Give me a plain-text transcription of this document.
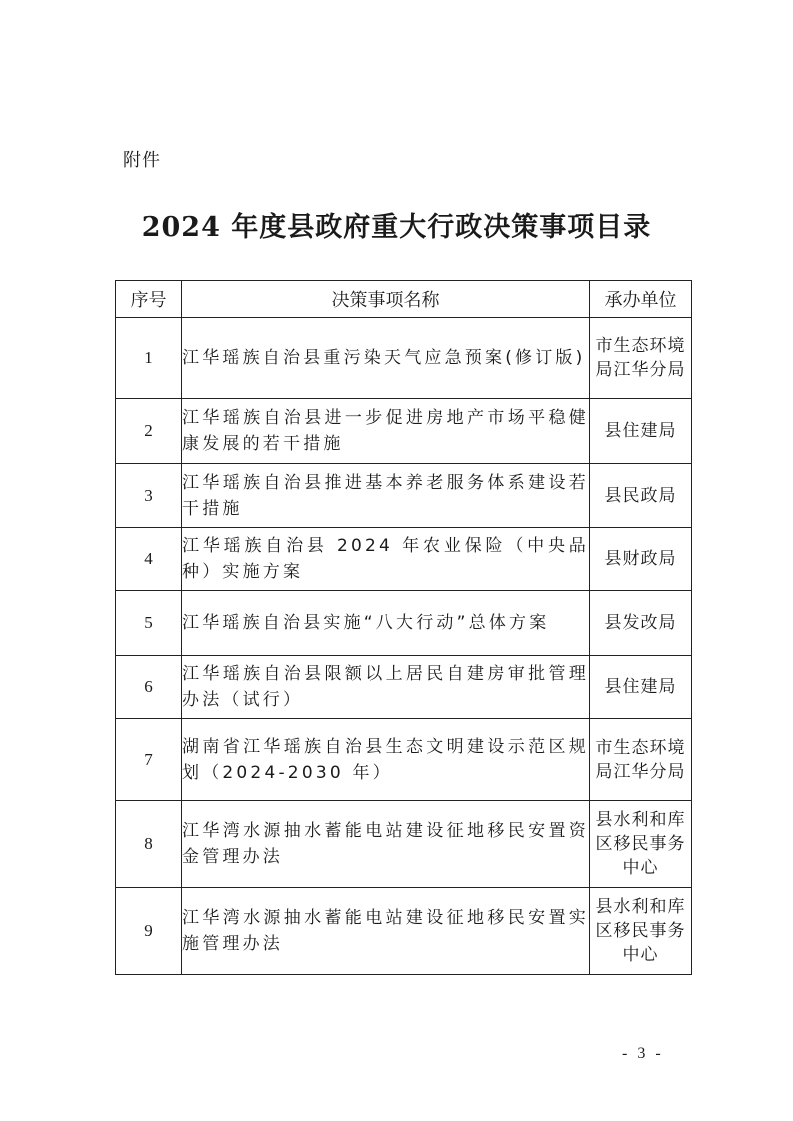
附件
2024 年度县政府重大行政决策事项目录
序号	决策事项名称	承办单位
1	江华瑶族自治县重污染天气应急预案(修订版)	市生态环境局江华分局
2	江华瑶族自治县进一步促进房地产市场平稳健康发展的若干措施	县住建局
3	江华瑶族自治县推进基本养老服务体系建设若干措施	县民政局
4	江华瑶族自治县 2024 年农业保险（中央品种）实施方案	县财政局
5	江华瑶族自治县实施“八大行动”总体方案	县发改局
6	江华瑶族自治县限额以上居民自建房审批管理办法（试行）	县住建局
7	湖南省江华瑶族自治县生态文明建设示范区规划（2024-2030 年）	市生态环境局江华分局
8	江华湾水源抽水蓄能电站建设征地移民安置资金管理办法	县水利和库区移民事务中心
9	江华湾水源抽水蓄能电站建设征地移民安置实施管理办法	县水利和库区移民事务中心
- 3 -
